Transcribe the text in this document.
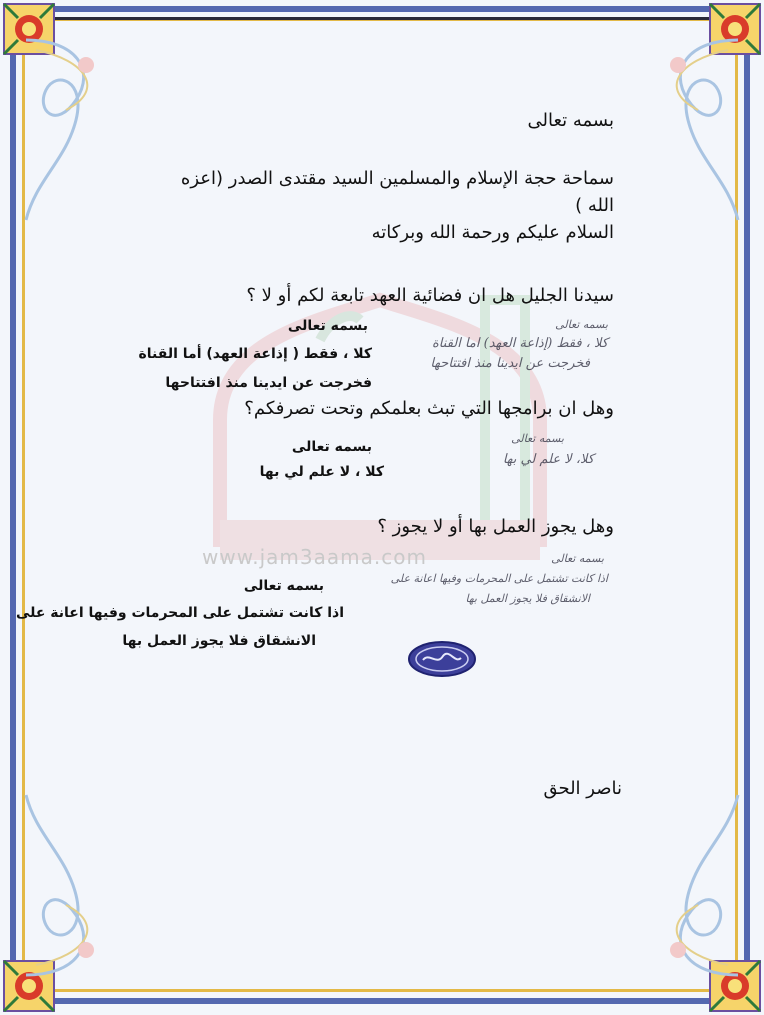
www.jam3aama.com
بسمه تعالى
سماحة حجة الإسلام والمسلمين السيد مقتدى الصدر (اعزه
الله )
السلام عليكم ورحمة الله وبركاته
سيدنا الجليل هل ان فضائية العهد تابعة لكم أو لا ؟
بسمه تعالى
كلا ، فقط ( إذاعة العهد) أما القناة
فخرجت عن ايدينا منذ افتتاحها
بسمه تعالى
كلا ، فقط (إذاعة العهد) اما القناة
فخرجت عن ايدينا منذ افتتاحها
وهل ان برامجها التي تبث بعلمكم وتحت تصرفكم؟
بسمه تعالى
كلا ، لا علم لي بها
بسمه تعالى
كلا، لا علم لي بها
وهل يجوز العمل بها أو لا يجوز ؟
بسمه تعالى
اذا كانت تشتمل على المحرمات وفيها اعانة على
الانشقاق فلا يجوز العمل بها
بسمه تعالى
اذا كانت تشتمل على المحرمات وفيها اعانة على
الانشقاق فلا يجوز العمل بها
ناصر الحق
